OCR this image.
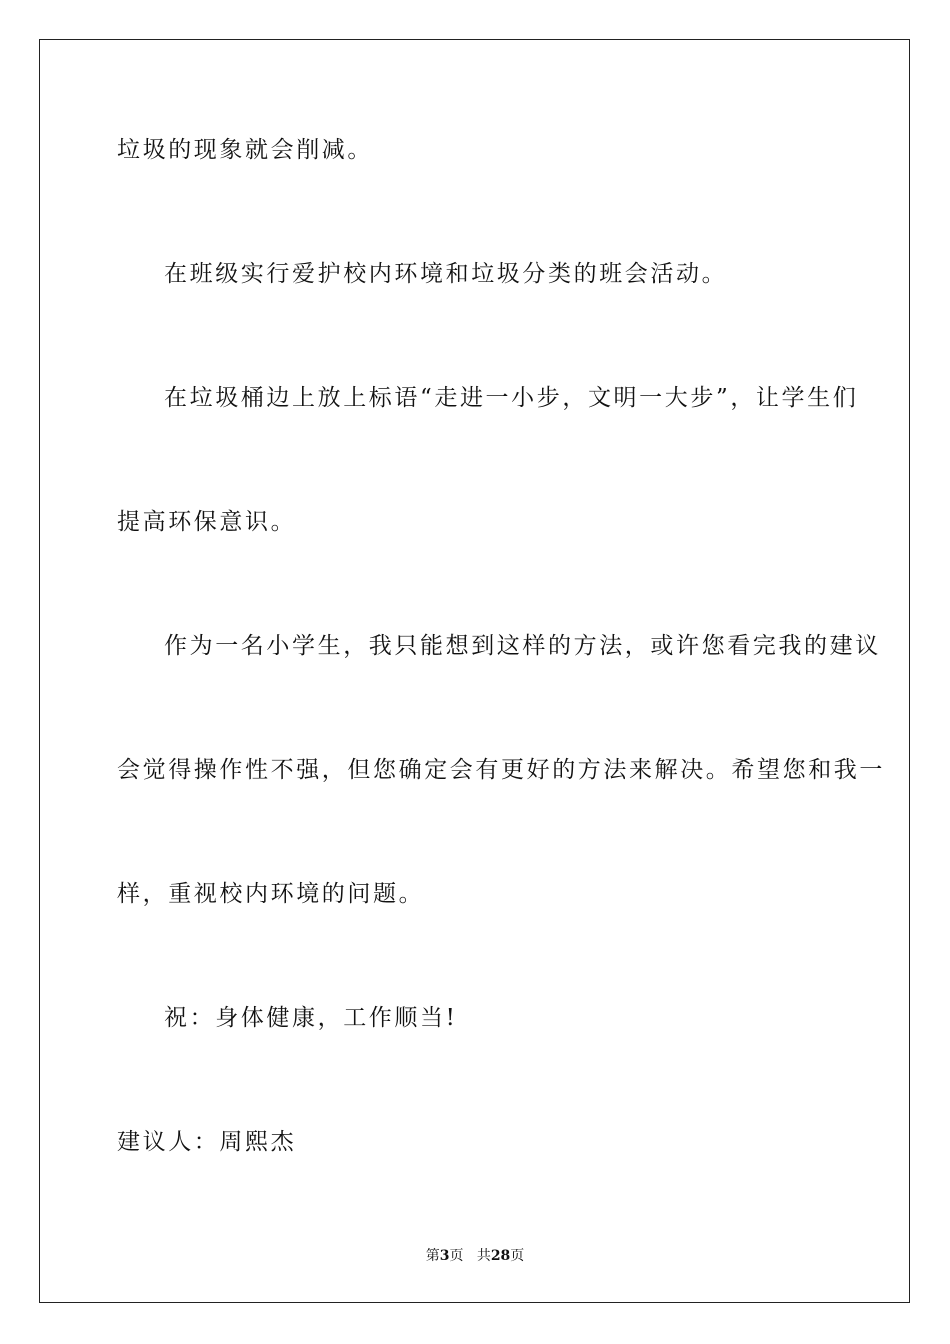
垃圾的现象就会削减。
在班级实行爱护校内环境和垃圾分类的班会活动。
在垃圾桶边上放上标语“走进一小步，文明一大步”，让学生们
提高环保意识。
作为一名小学生，我只能想到这样的方法，或许您看完我的建议
会觉得操作性不强，但您确定会有更好的方法来解决。希望您和我一
样，重视校内环境的问题。
祝：身体健康，工作顺当!
建议人：周熙杰
第3页 共28页
